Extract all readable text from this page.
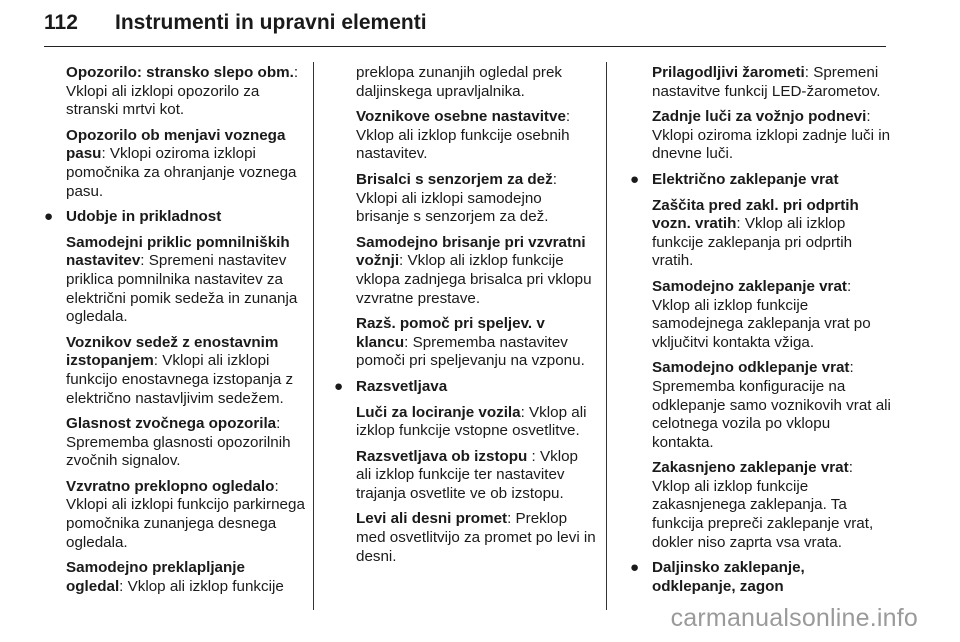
112 Instrumenti in upravni elementi
Opozorilo: stransko slepo obm.: Vklopi ali izklopi opozorilo za stranski mrtvi kot.
Opozorilo ob menjavi voznega pasu: Vklopi oziroma izklopi pomočnika za ohranjanje voznega pasu.
● Udobje in prikladnost
Samodejni priklic pomnilniških nastavitev: Spremeni nastavitev priklica pomnilnika nastavitev za električni pomik sedeža in zunanja ogledala.
Voznikov sedež z enostavnim izstopanjem: Vklopi ali izklopi funkcijo enostavnega izstopanja z električno nastavljivim sedežem.
Glasnost zvočnega opozorila: Sprememba glasnosti opozorilnih zvočnih signalov.
Vzvratno preklopno ogledalo: Vklopi ali izklopi funkcijo parkirnega pomočnika zunanjega desnega ogledala.
Samodejno preklapljanje ogledal: Vklop ali izklop funkcije
preklopa zunanjih ogledal prek daljinskega upravljalnika.
Voznikove osebne nastavitve: Vklop ali izklop funkcije osebnih nastavitev.
Brisalci s senzorjem za dež: Vklopi ali izklopi samodejno brisanje s senzorjem za dež.
Samodejno brisanje pri vzvratni vožnji: Vklop ali izklop funkcije vklopa zadnjega brisalca pri vklopu vzvratne prestave.
Razš. pomoč pri speljev. v klancu: Sprememba nastavitev pomoči pri speljevanju na vzponu.
● Razsvetljava
Luči za lociranje vozila: Vklop ali izklop funkcije vstopne osvetlitve.
Razsvetljava ob izstopu : Vklop ali izklop funkcije ter nastavitev trajanja osvetlite ve ob izstopu.
Levi ali desni promet: Preklop med osvetlitvijo za promet po levi in desni.
Prilagodljivi žarometi: Spremeni nastavitve funkcij LED-žarometov.
Zadnje luči za vožnjo podnevi: Vklopi oziroma izklopi zadnje luči in dnevne luči.
● Električno zaklepanje vrat
Zaščita pred zakl. pri odprtih vozn. vratih: Vklop ali izklop funkcije zaklepanja pri odprtih vratih.
Samodejno zaklepanje vrat: Vklop ali izklop funkcije samodejnega zaklepanja vrat po vključitvi kontakta vžiga.
Samodejno odklepanje vrat: Sprememba konfiguracije na odklepanje samo voznikovih vrat ali celotnega vozila po vklopu kontakta.
Zakasnjeno zaklepanje vrat: Vklop ali izklop funkcije zakasnjenega zaklepanja. Ta funkcija prepreči zaklepanje vrat, dokler niso zaprta vsa vrata.
● Daljinsko zaklepanje, odklepanje, zagon
carmanualsonline.info
